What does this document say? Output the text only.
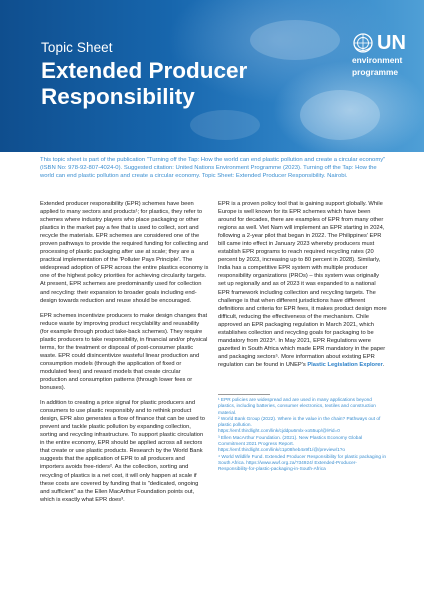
Topic Sheet
Extended Producer Responsibility
UN
environment
programme
This topic sheet is part of the publication "Turning off the Tap: How the world can end plastic pollution and create a circular economy" (ISBN No: 978-92-807-4024-0). Suggested citation: United Nations Environment Programme (2023). Turning off the Tap: How the world can end plastic pollution and create a circular economy. Topic Sheet: Extended Producer Responsibility. Nairobi.

Extended producer responsibility (EPR) schemes have been applied to many sectors and products¹; for plastics, they refer to schemes where industry players who place packaging or other plastics in the market pay a fee that is used to collect, sort and recycle the materials. EPR schemes are considered one of the proven pathways to provide the required funding for collecting and processing of plastic packaging after use at scale; they are a practical implementation of the 'Polluter Pays Principle'. The widespread adoption of EPR across the entire plastics economy is one of the highest policy priorities for achieving circularity targets. At present, EPR schemes are predominantly used for collection and recycling: their expansion to broader goals including end-design towards reduction and reuse should be encouraged.

EPR schemes incentivize producers to make design changes that reduce waste by improving product recyclability and reusability (for example through product take-back schemes). They require plastic producers to take responsibility, in financial and/or physical terms, for the treatment or disposal of post-consumer plastic waste. EPR could disincentivize wasteful linear production and consumption models (through the application of fixed or modulated fees) and reward models that create circular production and consumption patterns (through lower fees or bonuses).

In addition to creating a price signal for plastic producers and consumers to use plastic responsibly and to rethink product design, EPR also generates a flow of finance that can be used to prevent and tackle plastic pollution by expanding collection, sorting and recycling infrastructure. To support plastic circulation in the entire economy, EPR should be applied across all sectors that create or use plastic products. Research by the World Bank suggests that the application of EPR to all producers and importers avoids free-riders². As the collection, sorting and recycling of plastics is a net cost, it will only happen at scale if these costs are covered by funding that is "dedicated, ongoing and sufficient" as the Ellen MacArthur Foundation points out, which is exactly what EPR does³.

EPR is a proven policy tool that is gaining support globally. While Europe is well known for its EPR schemes which have been around for decades, there are examples of EPR from many other regions as well. Viet Nam will implement an EPR starting in 2024, following a 2-year pilot that began in 2022. The Philippines' EPR bill came into effect in January 2023 whereby producers must establish EPR programs to reach required recycling rates (20 percent by 2023, increasing up to 80 percent in 2028). Similarly, India has a competitive EPR system with multiple producer responsibility organizations (PROs) – this system was originally set up regionally and as of 2023 it was expanded to a national EPR framework including collection and recycling targets. The challenge is that when different jurisdictions have different definitions and criteria for EPR fees, it makes product design more difficult, reducing the effectiveness of the mechanism. Chile approved an EPR packaging regulation in March 2021, which establishes collection and recycling goals for packaging to be mandatory from 2023⁴. In May 2021, EPR Regulations were gazetted in South Africa which made EPR mandatory in the paper and packaging sectors⁵. More information about existing EPR regulation can be found in UNEP's Plastic Legislation Explorer.

¹ EPR policies are widespread and are used in many applications beyond plastics, including batteries, consumer electronics, textiles and construction material.
² World Bank Group (2022). Where is the value in the chain? Pathways out of plastic pollution.
https://emf.thirdlight.com/link/cjddpu6mlx-xo55up/@/#id=0
³ Ellen MacArthur Foundation. (2021). New Plastics Economy Global Commitment 2021 Progress Report. https://emf.thirdlight.com/link/c1p08heb4x9f1/@/preview/1?o
⁴ World Wildlife Fund. Extended Producer Responsibility for plastic packaging in South Africa. https://www.wwf.org.za/?34924/ Extended-Producer-Responsibility-for-plastic-packaging-in-South-Africa
